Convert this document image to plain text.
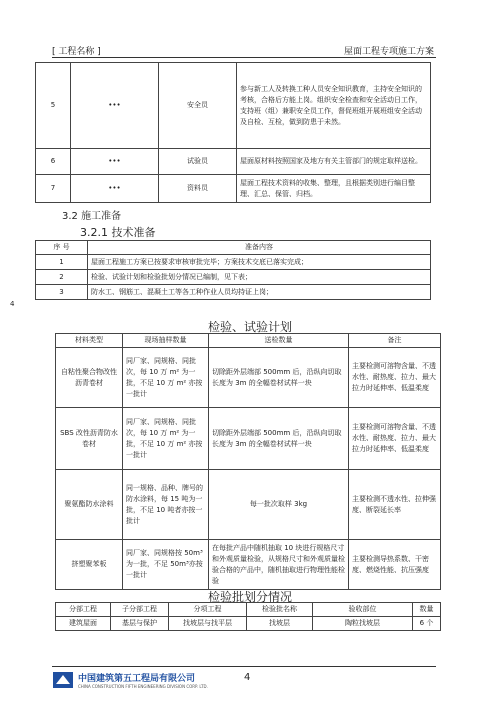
[ 工程名称 ]	屋面工程专项施工方案
5	•••	安全员	参与新工人及转换工种人员安全知识教育，主持安全知识的考核，合格后方能上岗。组织安全检查和安全活动日工作，支持班（组）兼职安全员工作，督促班组开展班组安全活动及自检、互检，做到防患于未然。
6	•••	试验员	屋面原材料按照国家及地方有关主管部门的规定取样送检。
7	•••	资料员	屋面工程技术资料的收集、整理，且根据类别进行编目整理、汇总、保管、归档。
3.2 施工准备
3.2.1 技术准备
序 号	准备内容
1	屋面工程施工方案已按要求审核审批完毕；方案技术交底已落实完成；
2	检验、试验计划和检验批划分情况已编制，见下表；
3	防水工、钢筋工、混凝土工等各工种作业人员均持证上岗；
4
检验、试验计划
材料类型	现场抽样数量	送检数量	备注
自粘性聚合物改性沥青卷材	同厂家、同规格、同批次，每 10 万 m² 为一批，不足 10 万 m² 亦按一批计	切除距外层端部 500mm 后，沿纵向切取长度为 3m 的全幅卷材试样一块	主要检测可溶物含量、不透水性、耐热度、拉力、最大拉力时延伸率、低温柔度
SBS 改性沥青防水卷材	同厂家、同规格、同批次，每 10 万 m² 为一批，不足 10 万 m² 亦按一批计	切除距外层端部 500mm 后，沿纵向切取长度为 3m 的全幅卷材试样一块	主要检测可溶物含量、不透水性、耐热度、拉力、最大拉力时延伸率、低温柔度
聚氨酯防水涂料	同一规格、品种、牌号的防水涂料，每 15 吨为一批，不足 10 吨者亦按一批计	每一批次取样 3kg	主要检测不透水性、拉伸强度、断裂延长率
挤塑聚苯板	同厂家、同规格按 50m³为一批，不足 50m³亦按一批计	在每批产品中随机抽取 10 块进行规格尺寸和外观质量检验，从规格尺寸和外观质量检验合格的产品中，随机抽取进行物理性能检验	主要检测导热系数、干密度、燃烧性能、抗压强度
检验批划分情况
分部工程	子分部工程	分项工程	检验批名称	验收部位	数量
建筑屋面	基层与保护	找坡层与找平层	找坡层	陶粒找坡层	6 个
中国建筑第五工程局有限公司
CHINA CONSTRUCTION FIFTH ENGINEERING DIVISION CORP. LTD.
4
